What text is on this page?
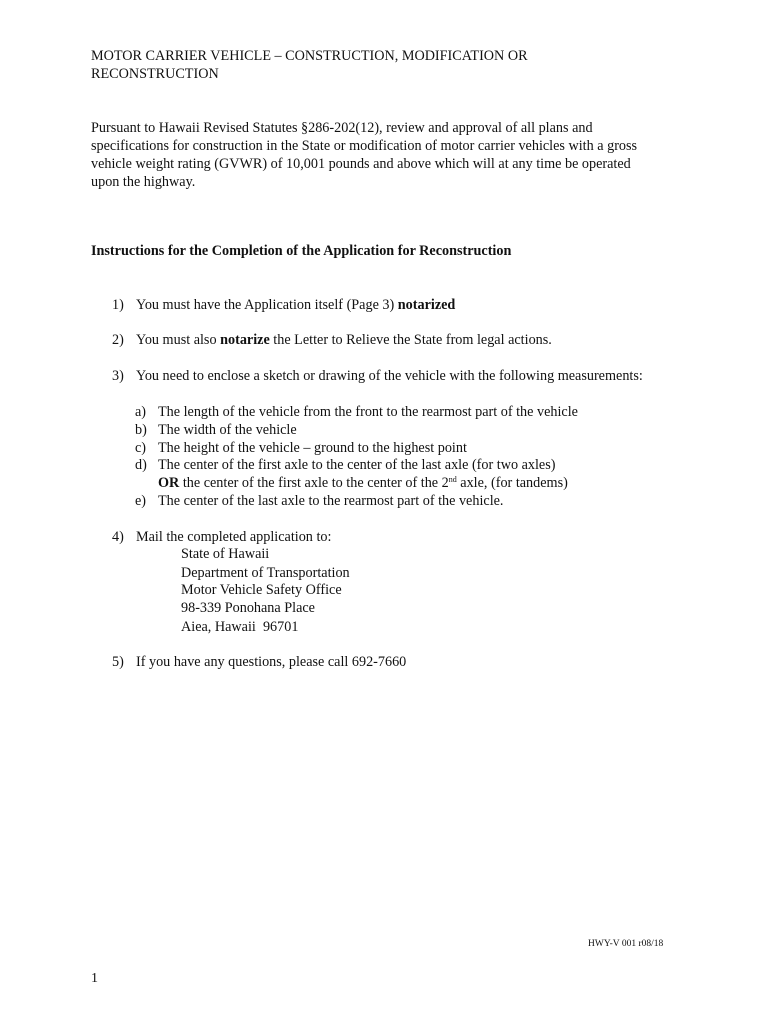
MOTOR CARRIER VEHICLE – CONSTRUCTION, MODIFICATION OR
RECONSTRUCTION
Pursuant to Hawaii Revised Statutes §286-202(12), review and approval of all plans and
specifications for construction in the State or modification of motor carrier vehicles with a gross
vehicle weight rating (GVWR) of 10,001 pounds and above which will at any time be operated
upon the highway.
Instructions for the Completion of the Application for Reconstruction
1) You must have the Application itself (Page 3) notarized
2) You must also notarize the Letter to Relieve the State from legal actions.
3) You need to enclose a sketch or drawing of the vehicle with the following measurements:
a) The length of the vehicle from the front to the rearmost part of the vehicle
b) The width of the vehicle
c) The height of the vehicle – ground to the highest point
d) The center of the first axle to the center of the last axle (for two axles)
OR the center of the first axle to the center of the 2nd axle, (for tandems)
e) The center of the last axle to the rearmost part of the vehicle.
4) Mail the completed application to:
State of Hawaii
Department of Transportation
Motor Vehicle Safety Office
98-339 Ponohana Place
Aiea, Hawaii  96701
5) If you have any questions, please call 692-7660
HWY-V 001 r08/18
1
